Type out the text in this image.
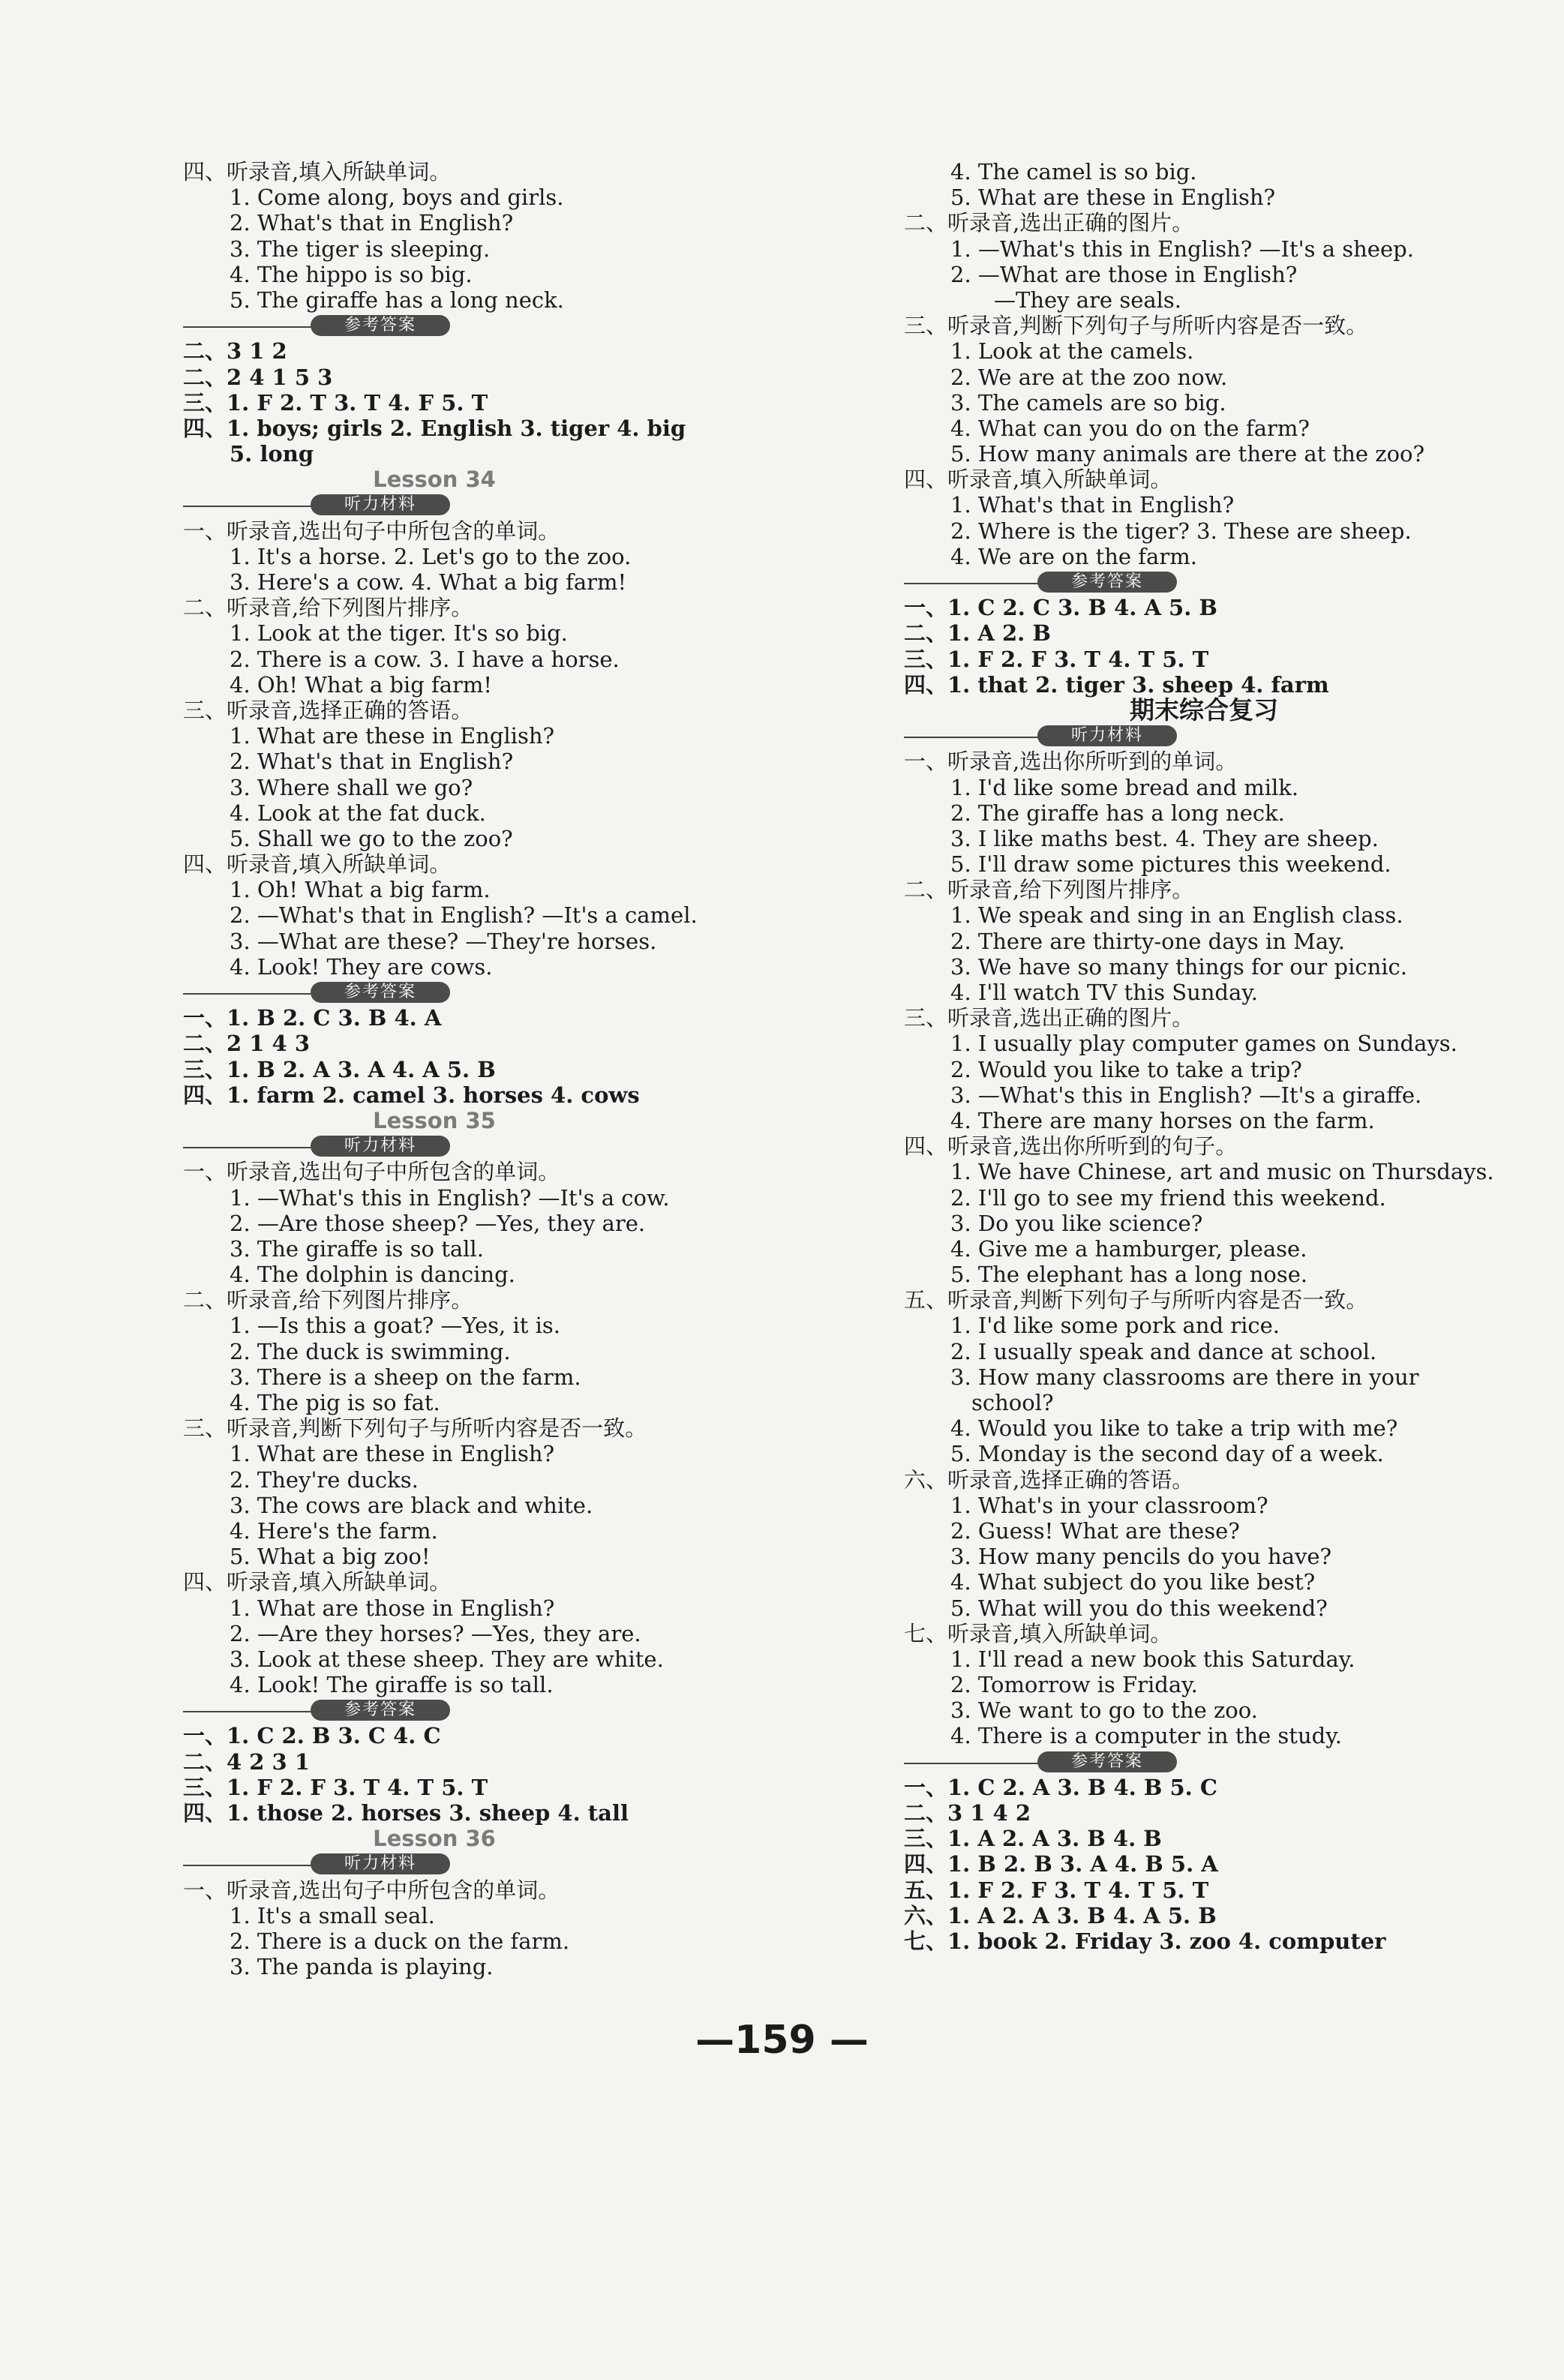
四、听录音,填入所缺单词。
1. Come along, boys and girls.
2. What's that in English?
3. The tiger is sleeping.
4. The hippo is so big.
5. The giraffe has a long neck.
参考答案
二、3 1 2
二、2 4 1 5 3
三、1. F 2. T 3. T 4. F 5. T
四、1. boys; girls 2. English 3. tiger 4. big
5. long
Lesson 34
听力材料
一、听录音,选出句子中所包含的单词。
1. It's a horse. 2. Let's go to the zoo.
3. Here's a cow. 4. What a big farm!
二、听录音,给下列图片排序。
1. Look at the tiger. It's so big.
2. There is a cow. 3. I have a horse.
4. Oh! What a big farm!
三、听录音,选择正确的答语。
1. What are these in English?
2. What's that in English?
3. Where shall we go?
4. Look at the fat duck.
5. Shall we go to the zoo?
四、听录音,填入所缺单词。
1. Oh! What a big farm.
2. —What's that in English? —It's a camel.
3. —What are these? —They're horses.
4. Look! They are cows.
参考答案
一、1. B 2. C 3. B 4. A
二、2 1 4 3
三、1. B 2. A 3. A 4. A 5. B
四、1. farm 2. camel 3. horses 4. cows
Lesson 35
听力材料
一、听录音,选出句子中所包含的单词。
1. —What's this in English? —It's a cow.
2. —Are those sheep? —Yes, they are.
3. The giraffe is so tall.
4. The dolphin is dancing.
二、听录音,给下列图片排序。
1. —Is this a goat? —Yes, it is.
2. The duck is swimming.
3. There is a sheep on the farm.
4. The pig is so fat.
三、听录音,判断下列句子与所听内容是否一致。
1. What are these in English?
2. They're ducks.
3. The cows are black and white.
4. Here's the farm.
5. What a big zoo!
四、听录音,填入所缺单词。
1. What are those in English?
2. —Are they horses? —Yes, they are.
3. Look at these sheep. They are white.
4. Look! The giraffe is so tall.
参考答案
一、1. C 2. B 3. C 4. C
二、4 2 3 1
三、1. F 2. F 3. T 4. T 5. T
四、1. those 2. horses 3. sheep 4. tall
Lesson 36
听力材料
一、听录音,选出句子中所包含的单词。
1. It's a small seal.
2. There is a duck on the farm.
3. The panda is playing.
4. The camel is so big.
5. What are these in English?
二、听录音,选出正确的图片。
1. —What's this in English? —It's a sheep.
2. —What are those in English?
—They are seals.
三、听录音,判断下列句子与所听内容是否一致。
1. Look at the camels.
2. We are at the zoo now.
3. The camels are so big.
4. What can you do on the farm?
5. How many animals are there at the zoo?
四、听录音,填入所缺单词。
1. What's that in English?
2. Where is the tiger? 3. These are sheep.
4. We are on the farm.
参考答案
一、1. C 2. C 3. B 4. A 5. B
二、1. A 2. B
三、1. F 2. F 3. T 4. T 5. T
四、1. that 2. tiger 3. sheep 4. farm
期末综合复习
听力材料
一、听录音,选出你所听到的单词。
1. I'd like some bread and milk.
2. The giraffe has a long neck.
3. I like maths best. 4. They are sheep.
5. I'll draw some pictures this weekend.
二、听录音,给下列图片排序。
1. We speak and sing in an English class.
2. There are thirty-one days in May.
3. We have so many things for our picnic.
4. I'll watch TV this Sunday.
三、听录音,选出正确的图片。
1. I usually play computer games on Sundays.
2. Would you like to take a trip?
3. —What's this in English? —It's a giraffe.
4. There are many horses on the farm.
四、听录音,选出你所听到的句子。
1. We have Chinese, art and music on Thursdays.
2. I'll go to see my friend this weekend.
3. Do you like science?
4. Give me a hamburger, please.
5. The elephant has a long nose.
五、听录音,判断下列句子与所听内容是否一致。
1. I'd like some pork and rice.
2. I usually speak and dance at school.
3. How many classrooms are there in your
school?
4. Would you like to take a trip with me?
5. Monday is the second day of a week.
六、听录音,选择正确的答语。
1. What's in your classroom?
2. Guess! What are these?
3. How many pencils do you have?
4. What subject do you like best?
5. What will you do this weekend?
七、听录音,填入所缺单词。
1. I'll read a new book this Saturday.
2. Tomorrow is Friday.
3. We want to go to the zoo.
4. There is a computer in the study.
参考答案
一、1. C 2. A 3. B 4. B 5. C
二、3 1 4 2
三、1. A 2. A 3. B 4. B
四、1. B 2. B 3. A 4. B 5. A
五、1. F 2. F 3. T 4. T 5. T
六、1. A 2. A 3. B 4. A 5. B
七、1. book 2. Friday 3. zoo 4. computer
—159 —
